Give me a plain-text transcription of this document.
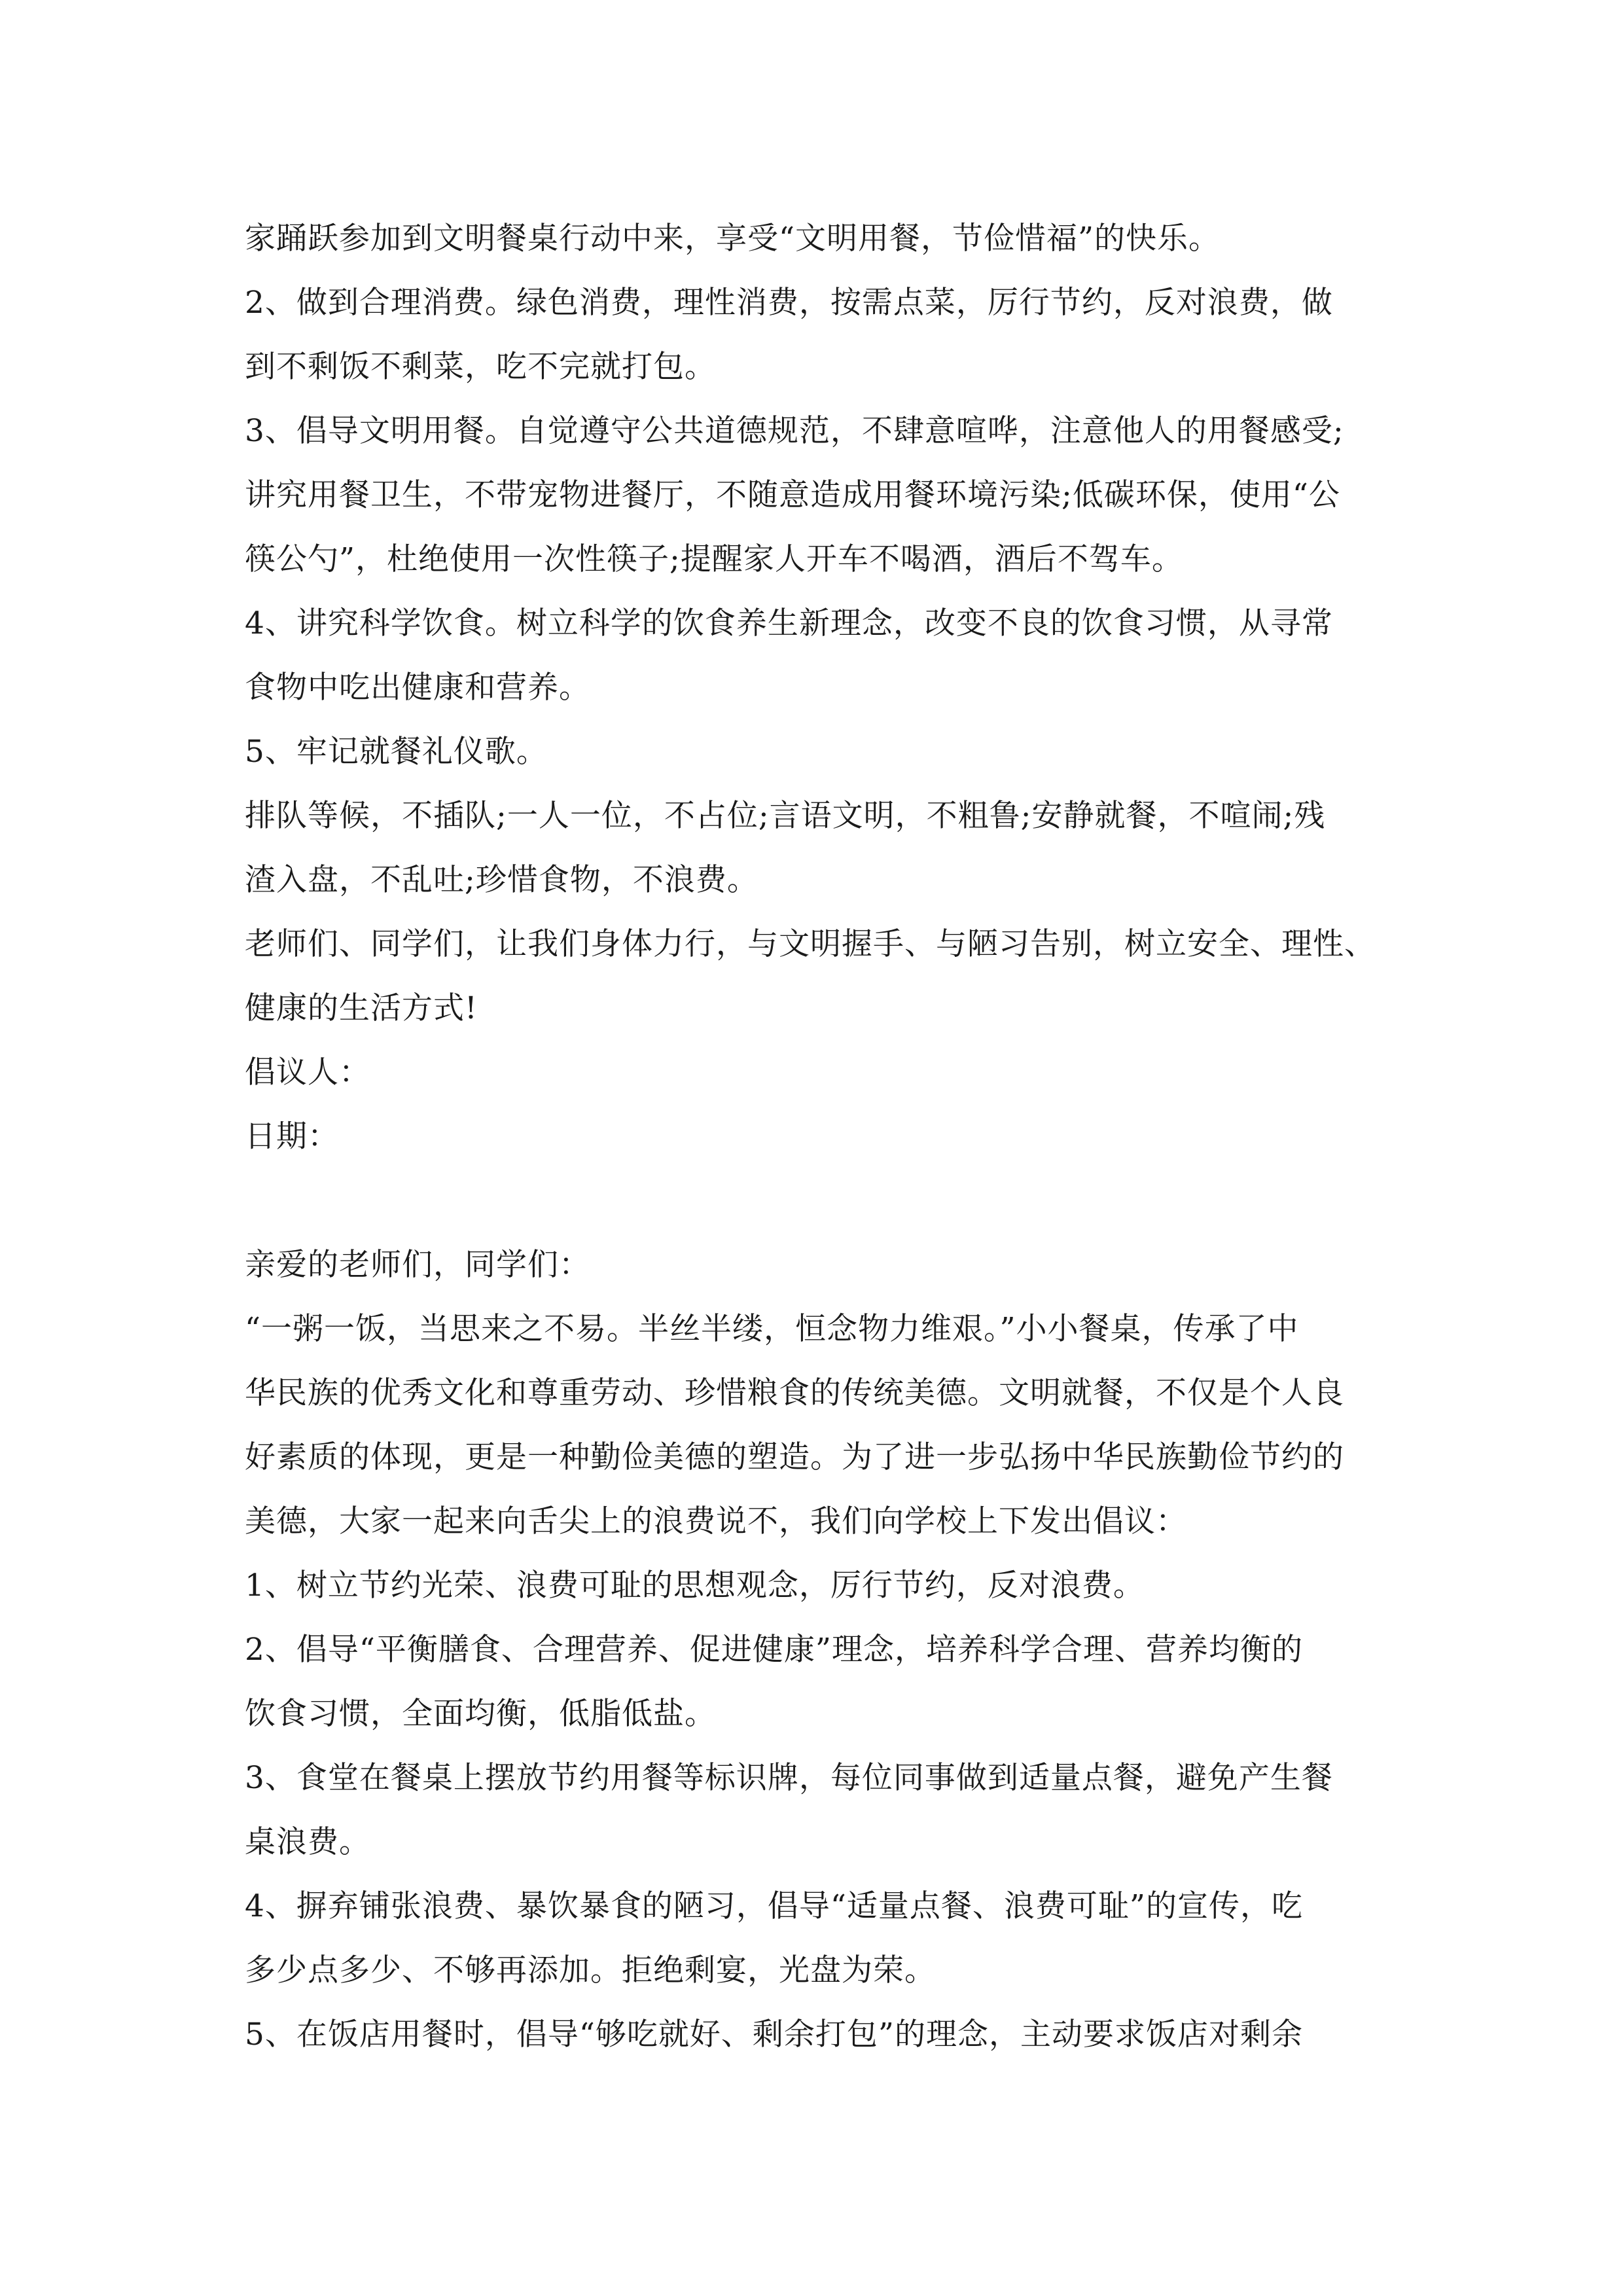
家踊跃参加到文明餐桌行动中来，享受“文明用餐，节俭惜福”的快乐。
2、做到合理消费。绿色消费，理性消费，按需点菜，厉行节约，反对浪费，做
到不剩饭不剩菜，吃不完就打包。
3、倡导文明用餐。自觉遵守公共道德规范，不肆意喧哗，注意他人的用餐感受;
讲究用餐卫生，不带宠物进餐厅，不随意造成用餐环境污染;低碳环保，使用“公
筷公勺”，杜绝使用一次性筷子;提醒家人开车不喝酒，酒后不驾车。
4、讲究科学饮食。树立科学的饮食养生新理念，改变不良的饮食习惯，从寻常
食物中吃出健康和营养。
5、牢记就餐礼仪歌。
排队等候，不插队;一人一位，不占位;言语文明，不粗鲁;安静就餐，不喧闹;残
渣入盘，不乱吐;珍惜食物，不浪费。
老师们、同学们，让我们身体力行，与文明握手、与陋习告别，树立安全、理性、
健康的生活方式!
倡议人：
日期：
亲爱的老师们，同学们：
“一粥一饭，当思来之不易。半丝半缕，恒念物力维艰。”小小餐桌，传承了中
华民族的优秀文化和尊重劳动、珍惜粮食的传统美德。文明就餐，不仅是个人良
好素质的体现，更是一种勤俭美德的塑造。为了进一步弘扬中华民族勤俭节约的
美德，大家一起来向舌尖上的浪费说不，我们向学校上下发出倡议：
1、树立节约光荣、浪费可耻的思想观念，厉行节约，反对浪费。
2、倡导“平衡膳食、合理营养、促进健康”理念，培养科学合理、营养均衡的
饮食习惯，全面均衡，低脂低盐。
3、食堂在餐桌上摆放节约用餐等标识牌，每位同事做到适量点餐，避免产生餐
桌浪费。
4、摒弃铺张浪费、暴饮暴食的陋习，倡导“适量点餐、浪费可耻”的宣传，吃
多少点多少、不够再添加。拒绝剩宴，光盘为荣。
5、在饭店用餐时，倡导“够吃就好、剩余打包”的理念，主动要求饭店对剩余
